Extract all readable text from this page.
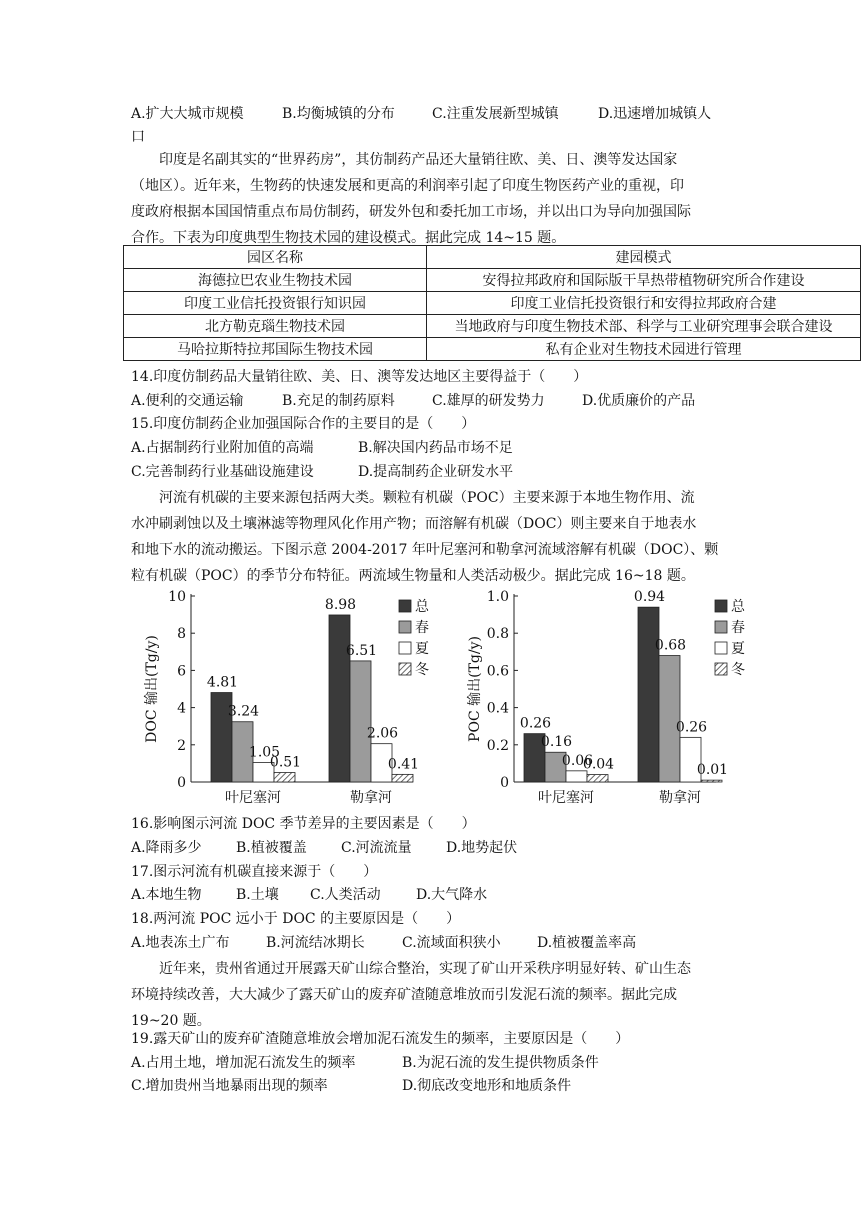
A.扩大大城市规模	B.均衡城镇的分布	C.注重发展新型城镇	D.迅速增加城镇人
口
印度是名副其实的“世界药房”，其仿制药产品还大量销往欧、美、日、澳等发达国家
（地区）。近年来，生物药的快速发展和更高的利润率引起了印度生物医药产业的重视，印
度政府根据本国国情重点布局仿制药，研发外包和委托加工市场，并以出口为导向加强国际
合作。下表为印度典型生物技术园的建设模式。据此完成 14~15 题。
园区名称	建园模式
海德拉巴农业生物技术园	安得拉邦政府和国际版干旱热带植物研究所合作建设
印度工业信托投资银行知识园	印度工业信托投资银行和安得拉邦政府合建
北方勒克瑙生物技术园	当地政府与印度生物技术部、科学与工业研究理事会联合建设
马哈拉斯特拉邦国际生物技术园	私有企业对生物技术园进行管理
14.印度仿制药品大量销往欧、美、日、澳等发达地区主要得益于（　　）
A.便利的交通运输	B.充足的制药原料	C.雄厚的研发势力	D.优质廉价的产品
15.印度仿制药企业加强国际合作的主要目的是（　　）
A.占据制药行业附加值的高端	B.解决国内药品市场不足
C.完善制药行业基础设施建设	D.提高制药企业研发水平
河流有机碳的主要来源包括两大类。颗粒有机碳（POC）主要来源于本地生物作用、流
水冲刷剥蚀以及土壤淋滤等物理风化作用产物；而溶解有机碳（DOC）则主要来自于地表水
和地下水的流动搬运。下图示意 2004-2017 年叶尼塞河和勒拿河流域溶解有机碳（DOC）、颗
粒有机碳（POC）的季节分布特征。两流域生物量和人类活动极少。据此完成 16~18 题。
0
2
4
6
8
10
DOC 输出(Tg/y)	4.81
3.24
1.05
0.51
叶尼塞河
8.98
6.51
2.06
0.41
勒拿河
总
春
夏
冬
0
0.2
0.4
0.6
0.8
1.0
POC 输出(Tg/y)	0.26
0.16
0.06
0.04
叶尼塞河
0.94
0.68
0.26
0.01
勒拿河
总
春
夏
冬
16.影响图示河流 DOC 季节差异的主要因素是（　　）
A.降雨多少 B.植被覆盖 C.河流流量 D.地势起伏
17.图示河流有机碳直接来源于（　　）
A.本地生物 B.土壤 C.人类活动	D.大气降水
18.两河流 POC 远小于 DOC 的主要原因是（　　）
A.地表冻土广布	B.河流结冰期长	C.流域面积狭小	D.植被覆盖率高
近年来，贵州省通过开展露天矿山综合整治，实现了矿山开采秩序明显好转、矿山生态
环境持续改善，大大减少了露天矿山的废弃矿渣随意堆放而引发泥石流的频率。据此完成
19~20 题。
19.露天矿山的废弃矿渣随意堆放会增加泥石流发生的频率，主要原因是（　　）
A.占用土地，增加泥石流发生的频率	B.为泥石流的发生提供物质条件
C.增加贵州当地暴雨出现的频率	D.彻底改变地形和地质条件
